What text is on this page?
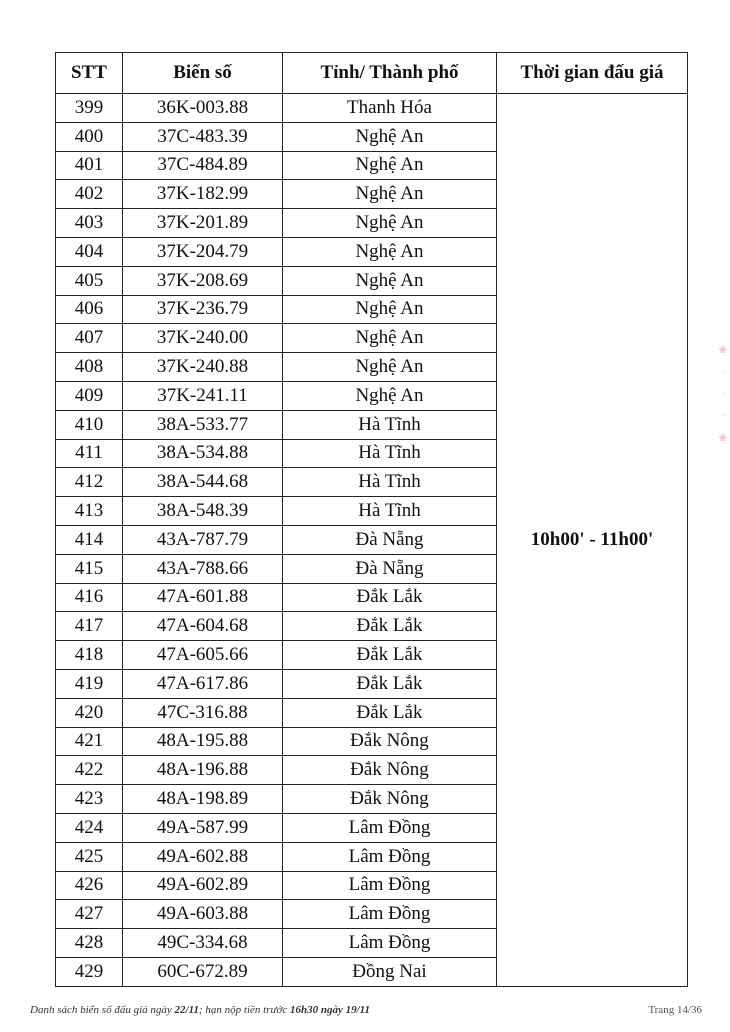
STT	Biển số	Tỉnh/ Thành phố	Thời gian đấu giá
399	36K-003.88	Thanh Hóa	10h00' - 11h00'
400	37C-483.39	Nghệ An	
401	37C-484.89	Nghệ An	
402	37K-182.99	Nghệ An	
403	37K-201.89	Nghệ An	
404	37K-204.79	Nghệ An	
405	37K-208.69	Nghệ An	
406	37K-236.79	Nghệ An	
407	37K-240.00	Nghệ An	
408	37K-240.88	Nghệ An	
409	37K-241.11	Nghệ An	
410	38A-533.77	Hà Tĩnh	
411	38A-534.88	Hà Tĩnh	
412	38A-544.68	Hà Tĩnh	
413	38A-548.39	Hà Tĩnh	
414	43A-787.79	Đà Nẵng	
415	43A-788.66	Đà Nẵng	
416	47A-601.88	Đắk Lắk	
417	47A-604.68	Đắk Lắk	
418	47A-605.66	Đắk Lắk	
419	47A-617.86	Đắk Lắk	
420	47C-316.88	Đắk Lắk	
421	48A-195.88	Đắk Nông	
422	48A-196.88	Đắk Nông	
423	48A-198.89	Đắk Nông	
424	49A-587.99	Lâm Đồng	
425	49A-602.88	Lâm Đồng	
426	49A-602.89	Lâm Đồng	
427	49A-603.88	Lâm Đồng	
428	49C-334.68	Lâm Đồng	
429	60C-672.89	Đồng Nai	
❀
·
·
·
❀
Danh sách biển số đấu giá ngày 22/11; hạn nộp tiền trước 16h30 ngày 19/11	Trang 14/36
